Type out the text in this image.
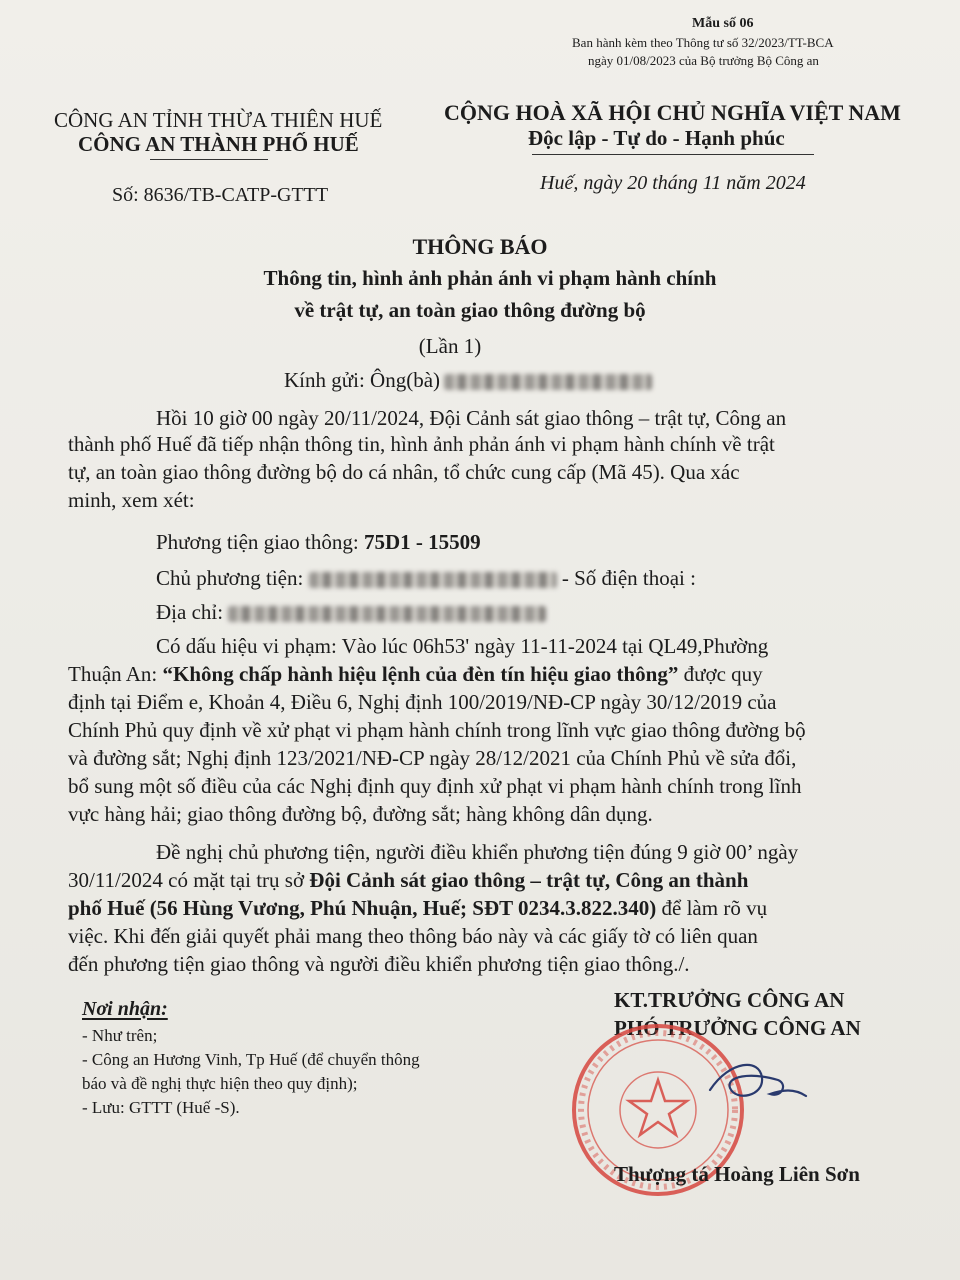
Mẫu số 06
Ban hành kèm theo Thông tư số 32/2023/TT-BCA
ngày 01/08/2023 của Bộ trưởng Bộ Công an
CÔNG AN TỈNH THỪA THIÊN HUẾ
CÔNG AN THÀNH PHỐ HUẾ
Số: 8636/TB-CATP-GTTT
CỘNG HOÀ XÃ HỘI CHỦ NGHĨA VIỆT NAM
Độc lập - Tự do - Hạnh phúc
Huế, ngày 20 tháng 11 năm 2024
THÔNG BÁO
Thông tin, hình ảnh phản ánh vi phạm hành chính
về trật tự, an toàn giao thông đường bộ
(Lần 1)
Kính gửi: Ông(bà)
Hồi 10 giờ 00 ngày 20/11/2024, Đội Cảnh sát giao thông – trật tự, Công an
thành phố Huế đã tiếp nhận thông tin, hình ảnh phản ánh vi phạm hành chính về trật
tự, an toàn giao thông đường bộ do cá nhân, tổ chức cung cấp (Mã 45). Qua xác
minh, xem xét:
Phương tiện giao thông: 75D1 - 15509
Chủ phương tiện:	- Số điện thoại :
Địa chỉ:
Có dấu hiệu vi phạm: Vào lúc 06h53' ngày 11-11-2024 tại QL49,Phường
Thuận An: “Không chấp hành hiệu lệnh của đèn tín hiệu giao thông” được quy
định tại Điểm e, Khoản 4, Điều 6, Nghị định 100/2019/NĐ-CP ngày 30/12/2019 của
Chính Phủ quy định về xử phạt vi phạm hành chính trong lĩnh vực giao thông đường bộ
và đường sắt; Nghị định 123/2021/NĐ-CP ngày 28/12/2021 của Chính Phủ về sửa đổi,
bổ sung một số điều của các Nghị định quy định xử phạt vi phạm hành chính trong lĩnh
vực hàng hải; giao thông đường bộ, đường sắt; hàng không dân dụng.
Đề nghị chủ phương tiện, người điều khiển phương tiện đúng 9 giờ 00’ ngày
30/11/2024 có mặt tại trụ sở Đội Cảnh sát giao thông – trật tự, Công an thành
phố Huế (56 Hùng Vương, Phú Nhuận, Huế; SĐT 0234.3.822.340) để làm rõ vụ
việc. Khi đến giải quyết phải mang theo thông báo này và các giấy tờ có liên quan
đến phương tiện giao thông và người điều khiển phương tiện giao thông./.
Nơi nhận:
- Như trên;
- Công an Hương Vinh, Tp Huế (để chuyển thông
báo và đề nghị thực hiện theo quy định);
- Lưu: GTTT (Huế -S).
KT.TRƯỞNG CÔNG AN
PHÓ TRƯỞNG CÔNG AN
Thượng tá Hoàng Liên Sơn
